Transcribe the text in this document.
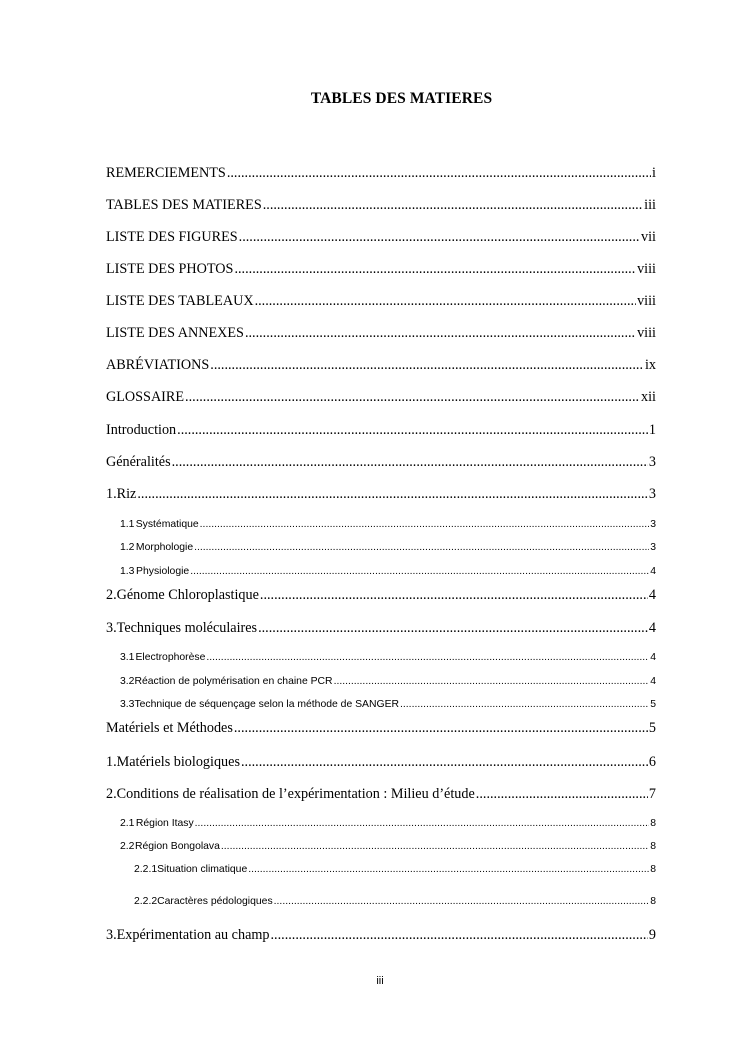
TABLES DES MATIERES
REMERCIEMENTS .....	i
TABLES DES MATIERES .....	iii
LISTE DES FIGURES .....	vii
LISTE DES PHOTOS .....	viii
LISTE DES TABLEAUX .....	viii
LISTE DES ANNEXES .....	viii
ABRÉVIATIONS .....	ix
GLOSSAIRE .....	xii
Introduction .....	1
Généralités .....	3
1. Riz .....	3
1.1 Systématique .....	3
1.2 Morphologie .....	3
1.3 Physiologie .....	4
2. Génome Chloroplastique .....	4
3. Techniques moléculaires .....	4
3.1 Electrophorèse .....	4
3.2 Réaction de polymérisation en chaine PCR .....	4
3.3 Technique de séquençage selon la méthode de SANGER .....	5
Matériels et Méthodes .....	5
1. Matériels biologiques .....	6
2. Conditions de réalisation de l’expérimentation : Milieu d’étude .....	7
2.1 Région Itasy .....	8
2.2 Région Bongolava .....	8
2.2.1 Situation climatique .....	8
2.2.2 Caractères pédologiques .....	8
3. Expérimentation au champ .....	9
iii
